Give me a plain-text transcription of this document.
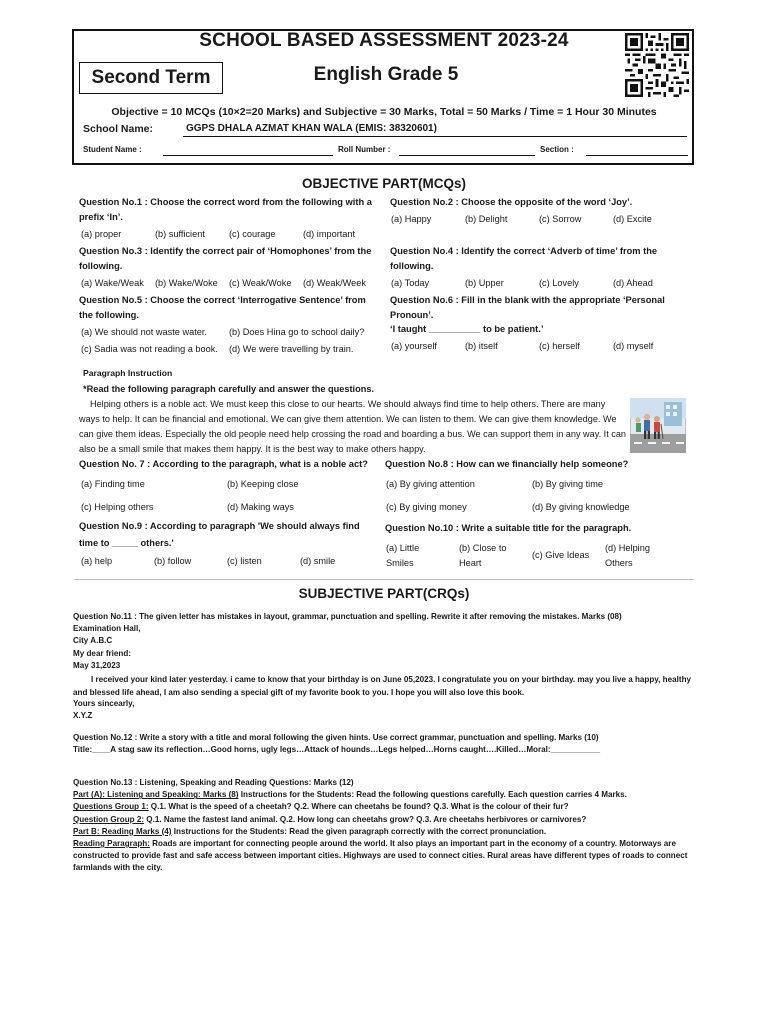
SCHOOL BASED ASSESSMENT 2023-24
Second Term	English Grade 5
Objective = 10 MCQs (10×2=20 Marks) and Subjective = 30 Marks, Total = 50 Marks / Time = 1 Hour 30 Minutes
School Name:	GGPS DHALA AZMAT KHAN WALA (EMIS: 38320601)
Student Name :	Roll Number :	Section :
OBJECTIVE PART(MCQs)
Question No.1 : Choose the correct word from the following with a prefix ‘In’.
(a) proper	(b) sufficient	(c) courage	(d) important
Question No.2 : Choose the opposite of the word ‘Joy’.
(a) Happy	(b) Delight	(c) Sorrow	(d) Excite
Question No.3 : Identify the correct pair of ‘Homophones’ from the following.
(a) Wake/Weak (b) Wake/Woke (c) Weak/Woke (d) Weak/Week
Question No.4 : Identify the correct ‘Adverb of time’ from the following.
(a) Today	(b) Upper	(c) Lovely	(d) Ahead
Question No.5 : Choose the correct ‘Interrogative Sentence’ from the following.
(a) We should not waste water. (b) Does Hina go to school daily?
(c) Sadia was not reading a book. (d) We were travelling by train.
Question No.6 : Fill in the blank with the appropriate ‘Personal Pronoun’.
‘I taught __________ to be patient.’
(a) yourself	(b) itself	(c) herself	(d) myself
Paragraph Instruction
*Read the following paragraph carefully and answer the questions.
Helping others is a noble act. We must keep this close to our hearts. We should always find time to help others. There are many ways to help. It can be financial and emotional. We can give them attention. We can listen to them. We can give them knowledge. We can give them ideas. Especially the old people need help crossing the road and boarding a bus. We can support them in any way. It can also be a small smile that makes them happy. It is the best way to make others happy.
Question No. 7 : According to the paragraph, what is a noble act?
(a) Finding time	(b) Keeping close
(c) Helping others	(d) Making ways
Question No.8 : How can we financially help someone?
(a) By giving attention	(b) By giving time
(c) By giving money	(d) By giving knowledge
Question No.9 : According to paragraph 'We should always find time to _____ others.'
(a) help	(b) follow	(c) listen	(d) smile
Question No.10 : Write a suitable title for the paragraph.
(a) Little Smiles
(b) Close to Heart
(c) Give Ideas
(d) Helping Others
SUBJECTIVE PART(CRQs)
Question No.11 : The given letter has mistakes in layout, grammar, punctuation and spelling. Rewrite it after removing the mistakes. Marks (08)
Examination Hall,
City A.B.C
My dear friend:
May 31,2023
I received your kind later yesterday. i came to know that your birthday is on June 05,2023. I congratulate you on your birthday. may you live a happy, healthy and blessed life ahead, I am also sending a special gift of my favorite book to you. I hope you will also love this book.
Yours sincearly,
X.Y.Z
Question No.12 : Write a story with a title and moral following the given hints. Use correct grammar, punctuation and spelling. Marks (10)
Title:____A stag saw its reflection…Good horns, ugly legs…Attack of hounds…Legs helped…Horns caught….Killed…Moral:___________
Question No.13 : Listening, Speaking and Reading Questions: Marks (12)
Part (A): Listening and Speaking: Marks (8) Instructions for the Students: Read the following questions carefully. Each question carries 4 Marks.
Questions Group 1: Q.1. What is the speed of a cheetah? Q.2. Where can cheetahs be found? Q.3. What is the colour of their fur?
Question Group 2: Q.1. Name the fastest land animal. Q.2. How long can cheetahs grow? Q.3. Are cheetahs herbivores or carnivores?
Part B: Reading Marks (4) Instructions for the Students: Read the given paragraph correctly with the correct pronunciation.
Reading Paragraph: Roads are important for connecting people around the world. It also plays an important part in the economy of a country. Motorways are constructed to provide fast and safe access between important cities. Highways are used to connect cities. Rural areas have different types of roads to connect farmlands with the city.
